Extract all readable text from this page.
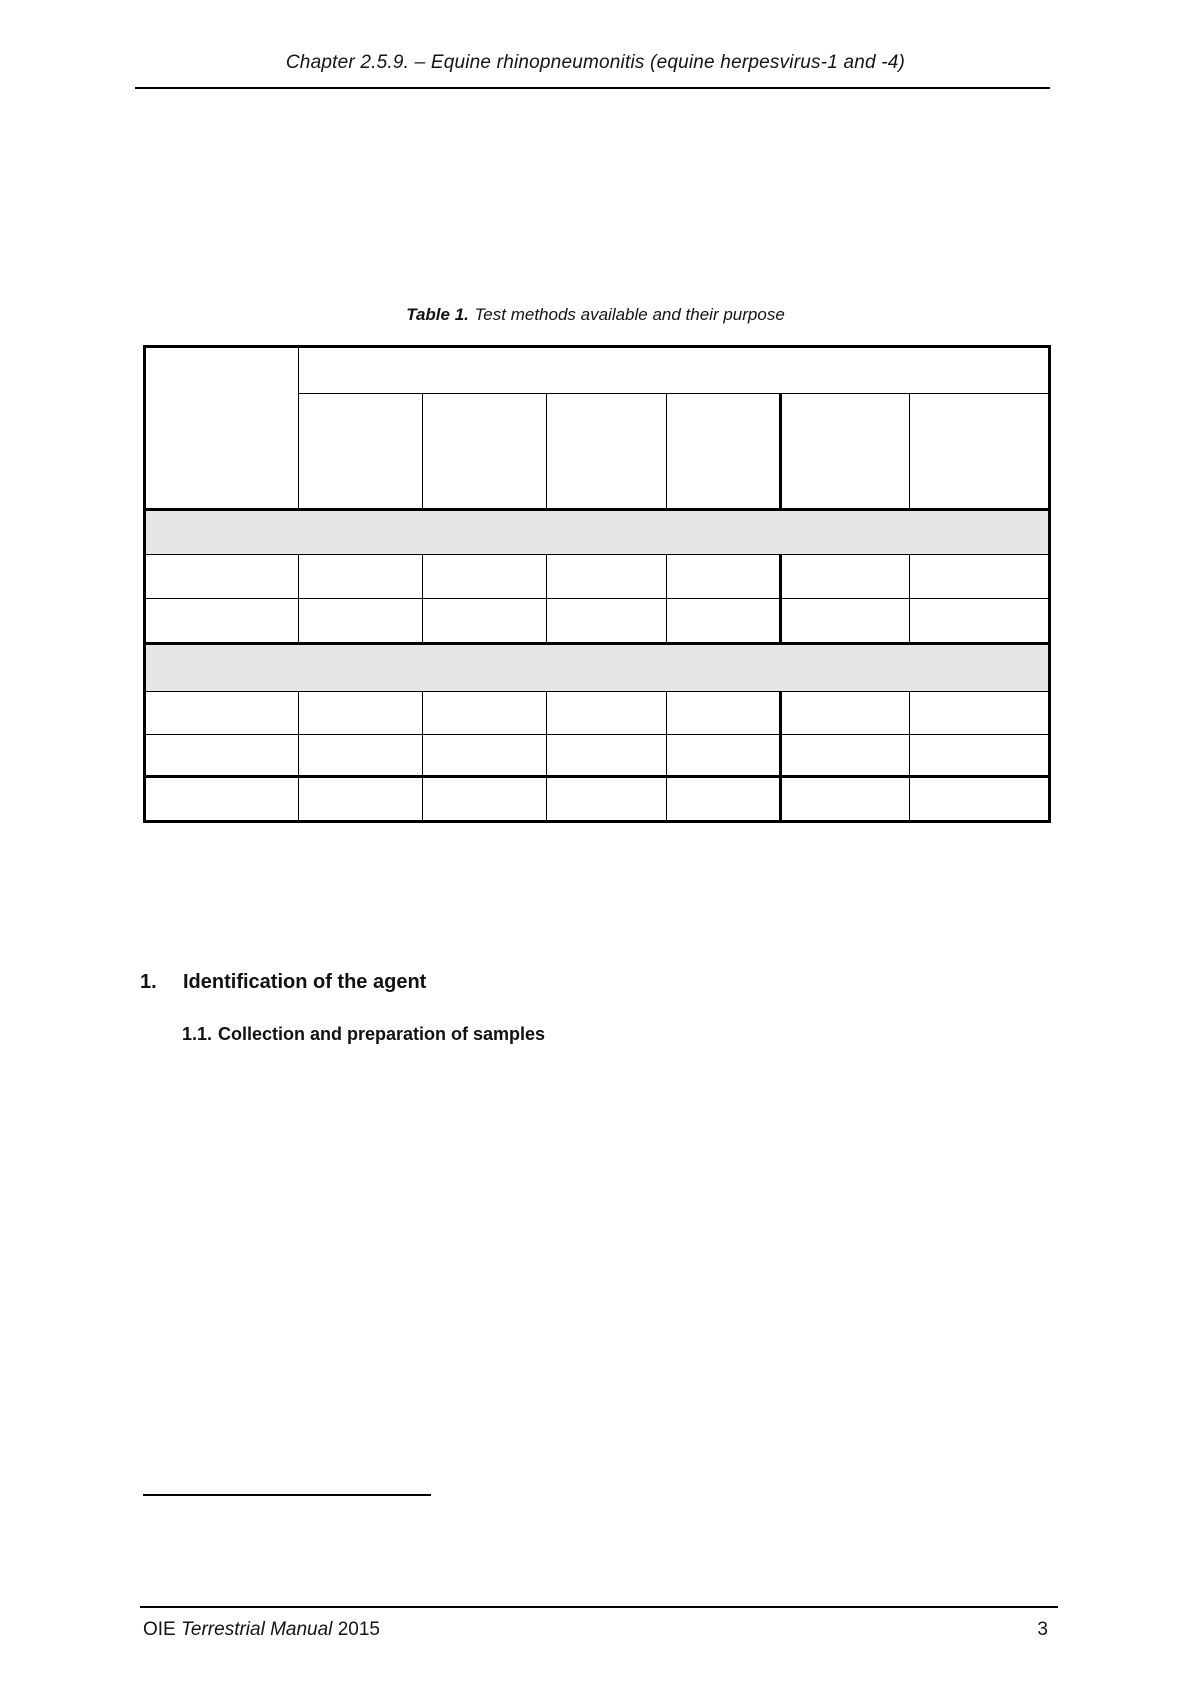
Chapter 2.5.9. – Equine rhinopneumonitis (equine herpesvirus-1 and -4)
Table 1. Test methods available and their purpose

1.	Identification of the agent
1.1. Collection and preparation of samples
OIE Terrestrial Manual 2015	3
